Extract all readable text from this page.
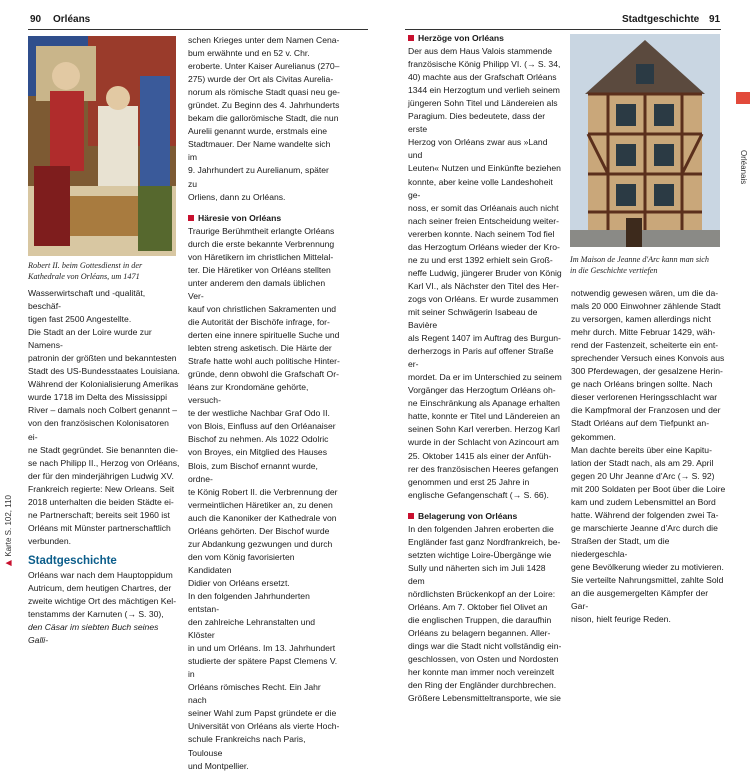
90 Orléans
Robert II. beim Gottesdienst in der
Kathedrale von Orléans, um 1471

Wasserwirtschaft und -qualität, beschäf-

tigen fast 2500 Angestellte.

Die Stadt an der Loire wurde zur Namens-

patronin der größten und bekanntesten

Stadt des US-Bundesstaates Louisiana.

Während der Kolonialisierung Amerikas

wurde 1718 im Delta des Mississippi

River – damals noch Colbert genannt –

von den französischen Kolonisatoren ei-

ne Stadt gegründet. Sie benannten die-

se nach Philipp II., Herzog von Orléans,

der für den minderjährigen Ludwig XV.

Frankreich regierte: New Orleans. Seit

2018 unterhalten die beiden Städte ei-

ne Partnerschaft; bereits seit 1960 ist

Orléans mit Münster partnerschaftlich

verbunden.

Stadtgeschichte

Orléans war nach dem Hauptoppidum

Autricum, dem heutigen Chartres, der

zweite wichtige Ort des mächtigen Kel-

tenstamms der Karnuten (→ S. 30),

den Cäsar im siebten Buch seines Galli-

▶ Karte S. 102, 110

schen Krieges unter dem Namen Cena-

bum erwähnte und en 52 v. Chr.

eroberte. Unter Kaiser Aurelianus (270–

275) wurde der Ort als Civitas Aurelia-

norum als römische Stadt quasi neu ge-

gründet. Zu Beginn des 4. Jahrhunderts

bekam die gallorömische Stadt, die nun

Aurelii genannt wurde, erstmals eine

Stadtmauer. Der Name wandelte sich im

9. Jahrhundert zu Aurelianum, später zu

Orliens, dann zu Orléans.

Häresie von Orléans

Traurige Berühmtheit erlangte Orléans

durch die erste bekannte Verbrennung

von Häretikern im christlichen Mittelal-

ter. Die Häretiker von Orléans stellten

unter anderem den damals üblichen Ver-

kauf von christlichen Sakramenten und

die Autorität der Bischöfe infrage, for-

derten eine innere spirituelle Suche und

lebten streng asketisch. Die Härte der

Strafe hatte wohl auch politische Hinter-

gründe, denn obwohl die Grafschaft Or-

léans zur Krondomäne gehörte, versuch-

te der westliche Nachbar Graf Odo II.

von Blois, Einfluss auf den Orléanaiser

Bischof zu nehmen. Als 1022 Odolric

von Broyes, ein Mitglied des Hauses

Blois, zum Bischof ernannt wurde, ordne-

te König Robert II. die Verbrennung der

vermeintlichen Häretiker an, zu denen

auch die Kanoniker der Kathedrale von

Orléans gehörten. Der Bischof wurde

zur Abdankung gezwungen und durch

den vom König favorisierten Kandidaten

Didier von Orléans ersetzt.

In den folgenden Jahrhunderten entstan-

den zahlreiche Lehranstalten und Klöster

in und um Orléans. Im 13. Jahrhundert

studierte der spätere Papst Clemens V. in

Orléans römisches Recht. Ein Jahr nach

seiner Wahl zum Papst gründete er die

Universität von Orléans als vierte Hoch-

schule Frankreichs nach Paris, Toulouse

und Montpellier.

Stadtgeschichte 91
Orléanais

Herzöge von Orléans

Der aus dem Haus Valois stammende

französische König Philipp VI. (→ S. 34,

40) machte aus der Grafschaft Orléans

1344 ein Herzogtum und verlieh seinem

jüngeren Sohn Titel und Ländereien als

Paragium. Dies bedeutete, dass der erste

Herzog von Orléans zwar aus »Land und

Leuten« Nutzen und Einkünfte beziehen

konnte, aber keine volle Landeshoheit ge-

noss, er somit das Orléanais auch nicht

nach seiner freien Entscheidung weiter-

vererben konnte. Nach seinem Tod fiel

das Herzogtum Orléans wieder der Kro-

ne zu und erst 1392 erhielt sein Groß-

neffe Ludwig, jüngerer Bruder von König

Karl VI., als Nächster den Titel des Her-

zogs von Orléans. Er wurde zusammen

mit seiner Schwägerin Isabeau de Bavière

als Regent 1407 im Auftrag des Burgun-

derherzogs in Paris auf offener Straße er-

mordet. Da er im Unterschied zu seinem

Vorgänger das Herzogtum Orléans oh-

ne Einschränkung als Apanage erhalten

hatte, konnte er Titel und Ländereien an

seinen Sohn Karl vererben. Herzog Karl

wurde in der Schlacht von Azincourt am

25. Oktober 1415 als einer der Anfüh-

rer des französischen Heeres gefangen

genommen und erst 25 Jahre in

englische Gefangenschaft (→ S. 66).

Belagerung von Orléans

In den folgenden Jahren eroberten die

Engländer fast ganz Nordfrankreich, be-

setzten wichtige Loire-Übergänge wie

Sully und näherten sich im Juli 1428 dem

nördlichsten Brückenkopf an der Loire:

Orléans. Am 7. Oktober fiel Olivet an

die englischen Truppen, die daraufhin

Orléans zu belagern begannen. Aller-

dings war die Stadt nicht vollständig ein-

geschlossen, von Osten und Nordosten

her konnte man immer noch vereinzelt

den Ring der Engländer durchbrechen.

Größere Lebensmitteltransporte, wie sie

Im Maison de Jeanne d'Arc kann man sich
in die Geschichte vertiefen

notwendig gewesen wären, um die da-

mals 20 000 Einwohner zählende Stadt

zu versorgen, kamen allerdings nicht

mehr durch. Mitte Februar 1429, wäh-

rend der Fastenzeit, scheiterte ein ent-

sprechender Versuch eines Konvois aus

300 Pferdewagen, der gesalzene Herin-

ge nach Orléans bringen sollte. Nach

dieser verlorenen Heringsschlacht war

die Kampfmoral der Franzosen und der

Stadt Orléans auf dem Tiefpunkt an-

gekommen.

Man dachte bereits über eine Kapitu-

lation der Stadt nach, als am 29. April

gegen 20 Uhr Jeanne d'Arc (→ S. 92)

mit 200 Soldaten per Boot über die Loire

kam und zudem Lebensmittel an Bord

hatte. Während der folgenden zwei Ta-

ge marschierte Jeanne d'Arc durch die

Straßen der Stadt, um die niedergeschla-

gene Bevölkerung wieder zu motivieren.

Sie verteilte Nahrungsmittel, zahlte Sold

an die ausgemergelten Kämpfer der Gar-

nison, hielt feurige Reden.
